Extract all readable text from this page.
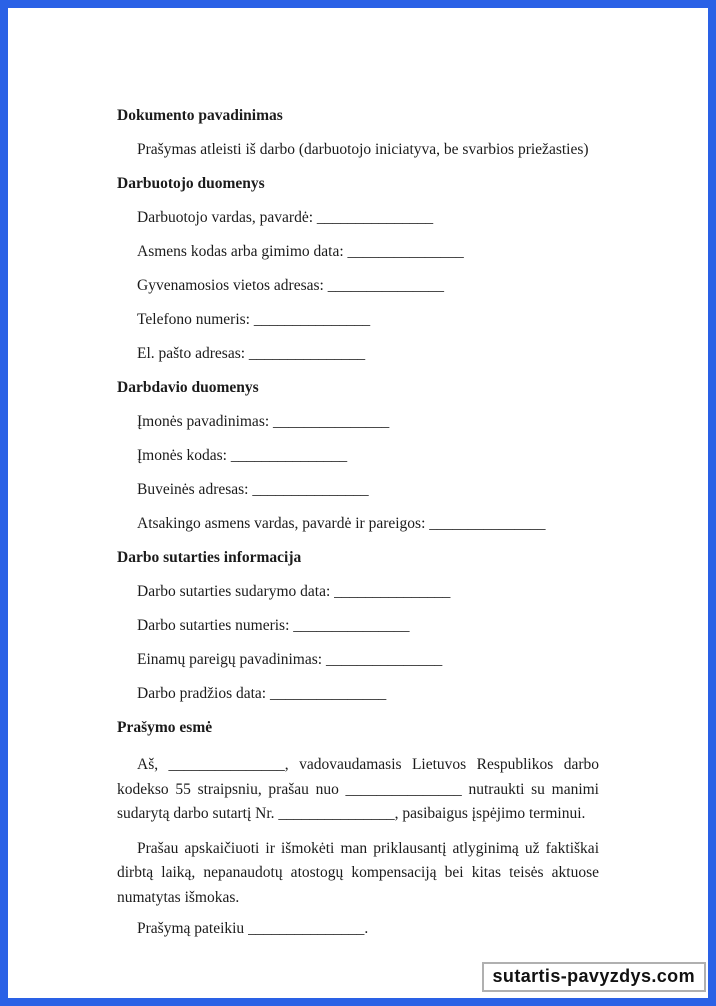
Dokumento pavadinimas

Prašymas atleisti iš darbo (darbuotojo iniciatyva, be svarbios priežasties)

Darbuotojo duomenys

Darbuotojo vardas, pavardė: _______________

Asmens kodas arba gimimo data: _______________

Gyvenamosios vietos adresas: _______________

Telefono numeris: _______________

El. pašto adresas: _______________

Darbdavio duomenys

Įmonės pavadinimas: _______________

Įmonės kodas: _______________

Buveinės adresas: _______________

Atsakingo asmens vardas, pavardė ir pareigos: _______________

Darbo sutarties informacija

Darbo sutarties sudarymo data: _______________

Darbo sutarties numeris: _______________

Einamų pareigų pavadinimas: _______________

Darbo pradžios data: _______________

Prašymo esmė

Aš, _______________, vadovaudamasis Lietuvos Respublikos darbo kodekso 55 straipsniu, prašau nuo _______________ nutraukti su manimi sudarytą darbo sutartį Nr. _______________, pasibaigus įspėjimo terminui.

Prašau apskaičiuoti ir išmokėti man priklausantį atlyginimą už faktiškai dirbtą laiką, nepanaudotų atostogų kompensaciją bei kitas teisės aktuose numatytas išmokas.

Prašymą pateikiu _______________.

sutartis-pavyzdys.com
